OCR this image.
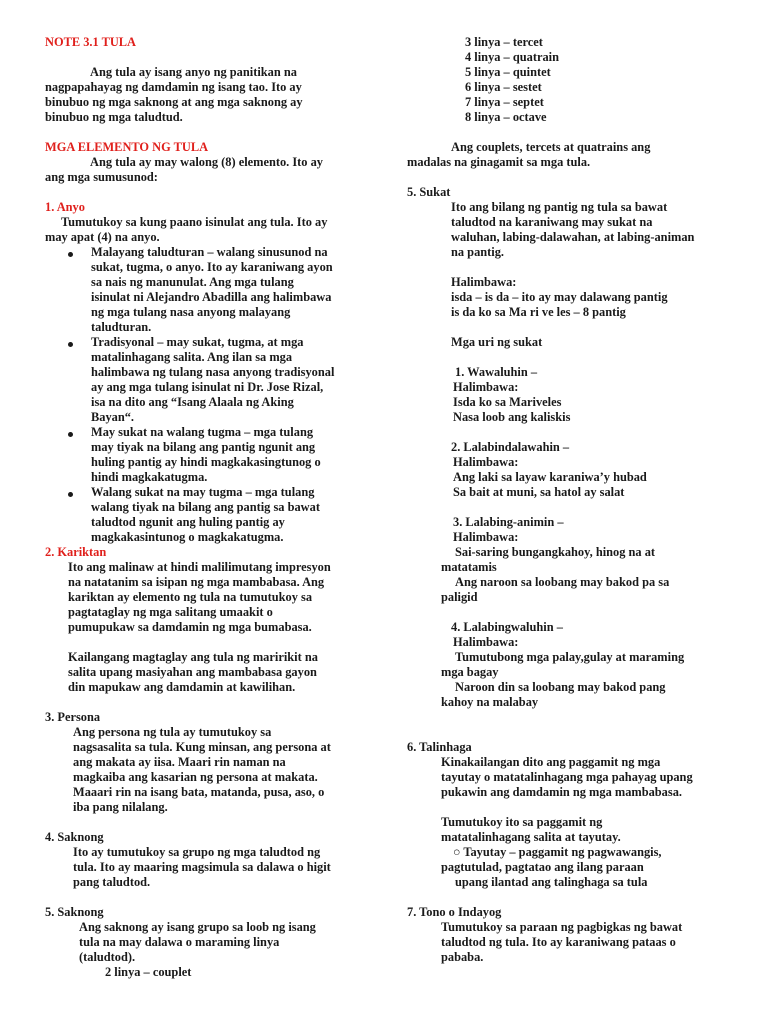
NOTE 3.1 TULA
Ang tula ay isang anyo ng panitikan na
nagpapahayag ng damdamin ng isang tao. Ito ay
binubuo ng mga saknong at ang mga saknong ay
binubuo ng mga taludtud.
MGA ELEMENTO NG TULA
Ang tula ay may walong (8) elemento. Ito ay
ang mga sumusunod:
1. Anyo
Tumutukoy sa kung paano isinulat ang tula. Ito ay
may apat (4) na anyo.
Malayang taludturan – walang sinusunod na
sukat, tugma, o anyo. Ito ay karaniwang ayon
sa nais ng manunulat. Ang mga tulang
isinulat ni Alejandro Abadilla ang halimbawa
ng mga tulang nasa anyong malayang
taludturan.
Tradisyonal – may sukat, tugma, at mga
matalinhagang salita. Ang ilan sa mga
halimbawa ng tulang nasa anyong tradisyonal
ay ang mga tulang isinulat ni Dr. Jose Rizal,
isa na dito ang “Isang Alaala ng Aking
Bayan“.
May sukat na walang tugma – mga tulang
may tiyak na bilang ang pantig ngunit ang
huling pantig ay hindi magkakasingtunog o
hindi magkakatugma.
Walang sukat na may tugma – mga tulang
walang tiyak na bilang ang pantig sa bawat
taludtod ngunit ang huling pantig ay
magkakasintunog o magkakatugma.
2. Kariktan
Ito ang malinaw at hindi malilimutang impresyon
na natatanim sa isipan ng mga mambabasa. Ang
kariktan ay elemento ng tula na tumutukoy sa
pagtataglay ng mga salitang umaakit o
pumupukaw sa damdamin ng mga bumabasa.
Kailangang magtaglay ang tula ng maririkit na
salita upang masiyahan ang mambabasa gayon
din mapukaw ang damdamin at kawilihan.
3. Persona
Ang persona ng tula ay tumutukoy sa
nagsasalita sa tula. Kung minsan, ang persona at
ang makata ay iisa. Maari rin naman na
magkaiba ang kasarian ng persona at makata.
Maaari rin na isang bata, matanda, pusa, aso, o
iba pang nilalang.
4. Saknong
Ito ay tumutukoy sa grupo ng mga taludtod ng
tula. Ito ay maaring magsimula sa dalawa o higit
pang taludtod.
5. Saknong
Ang saknong ay isang grupo sa loob ng isang
tula na may dalawa o maraming linya
(taludtod).
2 linya – couplet
3 linya – tercet
4 linya – quatrain
5 linya – quintet
6 linya – sestet
7 linya – septet
8 linya – octave
Ang couplets, tercets at quatrains ang
madalas na ginagamit sa mga tula.
5. Sukat
Ito ang bilang ng pantig ng tula sa bawat
taludtod na karaniwang may sukat na
waluhan, labing-dalawahan, at labing-animan
na pantig.
Halimbawa:
isda – is da – ito ay may dalawang pantig
is da ko sa Ma ri ve les – 8 pantig
Mga uri ng sukat
1. Wawaluhin –
Halimbawa:
Isda ko sa Mariveles
Nasa loob ang kaliskis
2. Lalabindalawahin –
Halimbawa:
Ang laki sa layaw karaniwa’y hubad
Sa bait at muni, sa hatol ay salat
3. Lalabing-animin –
Halimbawa:
Sai-saring bungangkahoy, hinog na at
matatamis
Ang naroon sa loobang may bakod pa sa
paligid
4. Lalabingwaluhin –
Halimbawa:
Tumutubong mga palay,gulay at maraming
mga bagay
Naroon din sa loobang may bakod pang
kahoy na malabay
6. Talinhaga
Kinakailangan dito ang paggamit ng mga
tayutay o matatalinhagang mga pahayag upang
pukawin ang damdamin ng mga mambabasa.
Tumutukoy ito sa paggamit ng
matatalinhagang salita at tayutay.
○ Tayutay – paggamit ng pagwawangis,
pagtutulad, pagtatao ang ilang paraan
upang ilantad ang talinghaga sa tula
7. Tono o Indayog
Tumutukoy sa paraan ng pagbigkas ng bawat
taludtod ng tula. Ito ay karaniwang pataas o
pababa.
